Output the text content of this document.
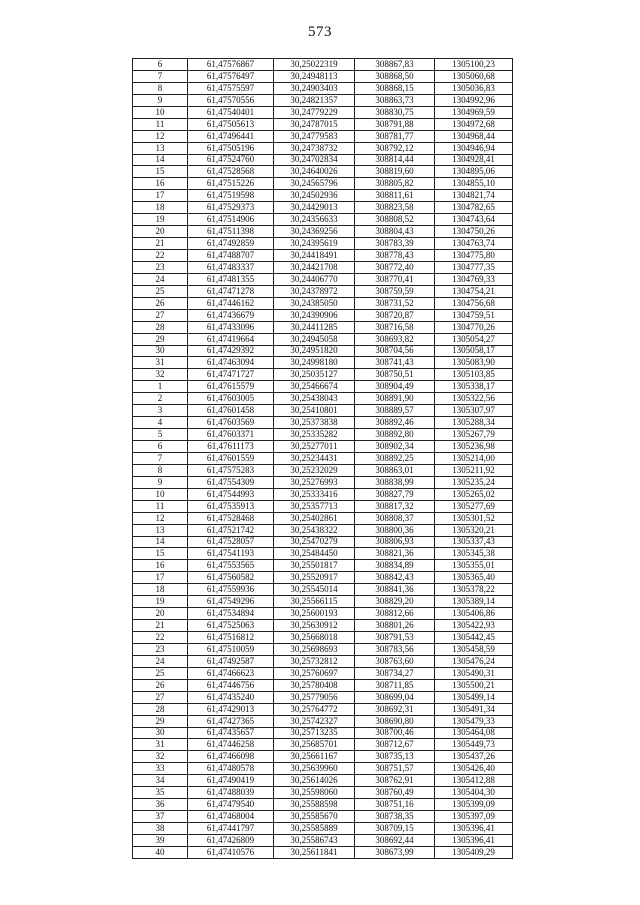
573
6	61,47576867	30,25022319	308867,83	1305100,23
7	61,47576497	30,24948113	308868,50	1305060,68
8	61,47575597	30,24903403	308868,15	1305036,83
9	61,47570556	30,24821357	308863,73	1304992,96
10	61,47540401	30,24779229	308830,75	1304969,59
11	61,47505613	30,24787015	308791,88	1304972,68
12	61,47496441	30,24779583	308781,77	1304968,44
13	61,47505196	30,24738732	308792,12	1304946,94
14	61,47524760	30,24702834	308814,44	1304928,41
15	61,47528568	30,24640026	308819,60	1304895,06
16	61,47515226	30,24565796	308805,82	1304855,10
17	61,47519598	30,24502936	308811,61	1304821,74
18	61,47529373	30,24429013	308823,58	1304782,65
19	61,47514906	30,24356633	308808,52	1304743,64
20	61,47511398	30,24369256	308804,43	1304750,26
21	61,47492859	30,24395619	308783,39	1304763,74
22	61,47488707	30,24418491	308778,43	1304775,80
23	61,47483337	30,24421708	308772,40	1304777,35
24	61,47481355	30,24406770	308770,41	1304769,33
25	61,47471278	30,24378972	308759,59	1304754,21
26	61,47446162	30,24385050	308731,52	1304756,68
27	61,47436679	30,24390906	308720,87	1304759,51
28	61,47433096	30,24411285	308716,58	1304770,26
29	61,47419664	30,24945058	308693,82	1305054,27
30	61,47429392	30,24951820	308704,56	1305058,17
31	61,47463094	30,24998180	308741,43	1305083,90
32	61,47471727	30,25035127	308750,51	1305103,85
1	61,47615579	30,25466674	308904,49	1305338,17
2	61,47603005	30,25438043	308891,90	1305322,56
3	61,47601458	30,25410801	308889,57	1305307,97
4	61,47603569	30,25373838	308892,46	1305288,34
5	61,47603371	30,25335282	308892,80	1305267,79
6	61,47611173	30,25277011	308902,34	1305236,98
7	61,47601559	30,25234431	308892,25	1305214,00
8	61,47575283	30,25232029	308863,01	1305211,92
9	61,47554309	30,25276993	308838,99	1305235,24
10	61,47544993	30,25333416	308827,79	1305265,02
11	61,47535913	30,25357713	308817,32	1305277,69
12	61,47528468	30,25402861	308808,37	1305301,52
13	61,47521742	30,25438322	308800,36	1305320,21
14	61,47528057	30,25470279	308806,93	1305337,43
15	61,47541193	30,25484450	308821,36	1305345,38
16	61,47553565	30,25501817	308834,89	1305355,01
17	61,47560582	30,25520917	308842,43	1305365,40
18	61,47559936	30,25545014	308841,36	1305378,22
19	61,47549296	30,25566115	308829,20	1305389,14
20	61,47534894	30,25600193	308812,66	1305406,86
21	61,47525063	30,25630912	308801,26	1305422,93
22	61,47516812	30,25668018	308791,53	1305442,45
23	61,47510059	30,25698693	308783,56	1305458,59
24	61,47492587	30,25732812	308763,60	1305476,24
25	61,47466623	30,25760697	308734,27	1305490,31
26	61,47446756	30,25780408	308711,85	1305500,21
27	61,47435240	30,25779056	308699,04	1305499,14
28	61,47429013	30,25764772	308692,31	1305491,34
29	61,47427365	30,25742327	308690,80	1305479,33
30	61,47435657	30,25713235	308700,46	1305464,08
31	61,47446258	30,25685701	308712,67	1305449,73
32	61,47466098	30,25661167	308735,13	1305437,26
33	61,47480578	30,25639960	308751,57	1305426,40
34	61,47490419	30,25614026	308762,91	1305412,88
35	61,47488039	30,25598060	308760,49	1305404,30
36	61,47479540	30,25588598	308751,16	1305399,09
37	61,47468004	30,25585670	308738,35	1305397,09
38	61,47441797	30,25585889	308709,15	1305396,41
39	61,47426809	30,25586743	308692,44	1305396,41
40	61,47410576	30,25611841	308673,99	1305409,29
